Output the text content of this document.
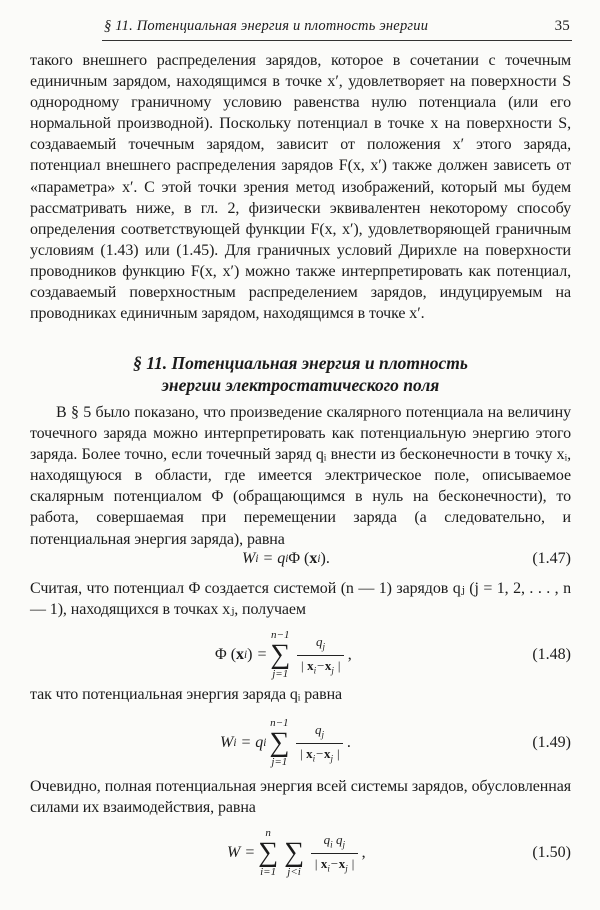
§ 11. Потенциальная энергия и плотность энергии	35
такого внешнего распределения зарядов, которое в сочетании с точечным единичным зарядом, находящимся в точке x′, удовлетворяет на поверхности S однородному граничному условию равенства нулю потенциала (или его нормальной производной). Поскольку потенциал в точке x на поверхности S, создаваемый точечным зарядом, зависит от положения x′ этого заряда, потенциал внешнего распределения зарядов F(x, x′) также должен зависеть от «параметра» x′. С этой точки зрения метод изображений, который мы будем рассматривать ниже, в гл. 2, физически эквивалентен некоторому способу определения соответствующей функции F(x, x′), удовлетворяющей граничным условиям (1.43) или (1.45). Для граничных условий Дирихле на поверхности проводников функцию F(x, x′) можно также интерпретировать как потенциал, создаваемый поверхностным распределением зарядов, индуцируемым на проводниках единичным зарядом, находящимся в точке x′.
§ 11. Потенциальная энергия и плотность
энергии электростатического поля
В § 5 было показано, что произведение скалярного потенциала на величину точечного заряда можно интерпретировать как потенциальную энергию этого заряда. Более точно, если точечный заряд qᵢ внести из бесконечности в точку xᵢ, находящуюся в области, где имеется электрическое поле, описываемое скалярным потенциалом Φ (обращающимся в нуль на бесконечности), то работа, совершаемая при перемещении заряда (а следовательно, и потенциальная энергия заряда), равна
W i = q i Φ
( x i ).	(1.47)
Считая, что потенциал Φ создается системой (n — 1) зарядов qⱼ (j = 1, 2, . . . , n — 1), находящихся в точках xⱼ, получаем
Φ ( x i ) =
n−1
∑
$j=1 \frac{q_j}{| x_i-x_j |}$ ,	(1.48)
так что потенциальная энергия заряда qᵢ равна
W i = q i
n−1
∑
$j=1 \frac{q_j}{| x_i-x_j |}$ .	(1.49)
Очевидно, полная потенциальная энергия всей системы зарядов, обусловленная силами их взаимодействия, равна
W =
n
∑
i=1

∑
$j<i \frac{q_i q_j}{| x_i-x_j |}$ ,	(1.50)
